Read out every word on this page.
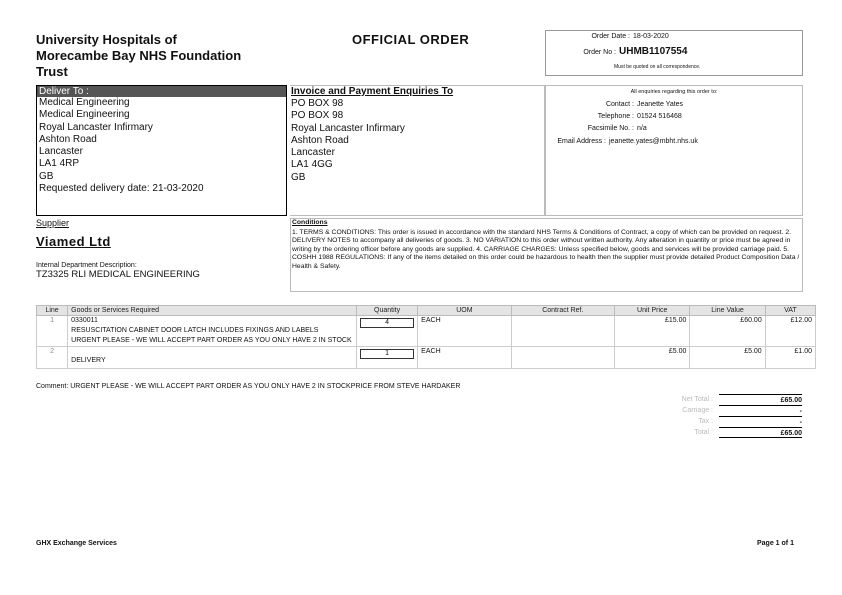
University Hospitals of
Morecambe Bay NHS Foundation
Trust
OFFICIAL ORDER	Order Date : 18-03-2020
Order No : UHMB1107554
Must be quoted on all correspondence.
Deliver To :
Medical Engineering
Medical Engineering
Royal Lancaster Infirmary
Ashton Road
Lancaster
LA1 4RP
GB
Requested delivery date: 21-03-2020
Invoice and Payment Enquiries To
PO BOX 98
PO BOX 98
Royal Lancaster Infirmary
Ashton Road
Lancaster
LA1 4GG
GB
All enquiries regarding this order to:
Contact : Jeanette Yates
Telephone : 01524 516468
Facsimile No. : n/a
Email Address : jeanette.yates@mbht.nhs.uk
Supplier
Viamed Ltd
Internal Department Description:
TZ3325 RLI MEDICAL ENGINEERING
Conditions
1. TERMS & CONDITIONS: This order is issued in accordance with the standard NHS Terms & Conditions of Contract, a copy of which can be provided on request. 2. DELIVERY NOTES to accompany all deliveries of goods. 3. NO VARIATION to this order without written authority. Any alteration in quantity or price must be agreed in writing by the ordering officer before any goods are supplied. 4. CARRIAGE CHARGES: Unless specified below, goods and services will be provided carriage paid. 5. COSHH 1988 REGULATIONS: If any of the items detailed on this order could be hazardous to health then the supplier must provide detailed Product Composition Data / Health & Safety.
Line	Goods or Services Required	Quantity	UOM	Contract Ref.	Unit Price	Line Value	VAT
1	0330011
RESUSCITATION CABINET DOOR LATCH INCLUDES FIXINGS AND LABELS
URGENT PLEASE - WE WILL ACCEPT PART ORDER AS YOU ONLY HAVE 2 IN STOCK	4	EACH		£15.00	£60.00	£12.00
2	DELIVERY	1	EACH		£5.00	£5.00	£1.00
Comment: URGENT PLEASE - WE WILL ACCEPT PART ORDER AS YOU ONLY HAVE 2 IN STOCKPRICE FROM STEVE HARDAKER
Net Total :	£65.00
Carriage :	-
Tax :	-
Total :	£65.00
GHX Exchange Services	Page 1 of 1
